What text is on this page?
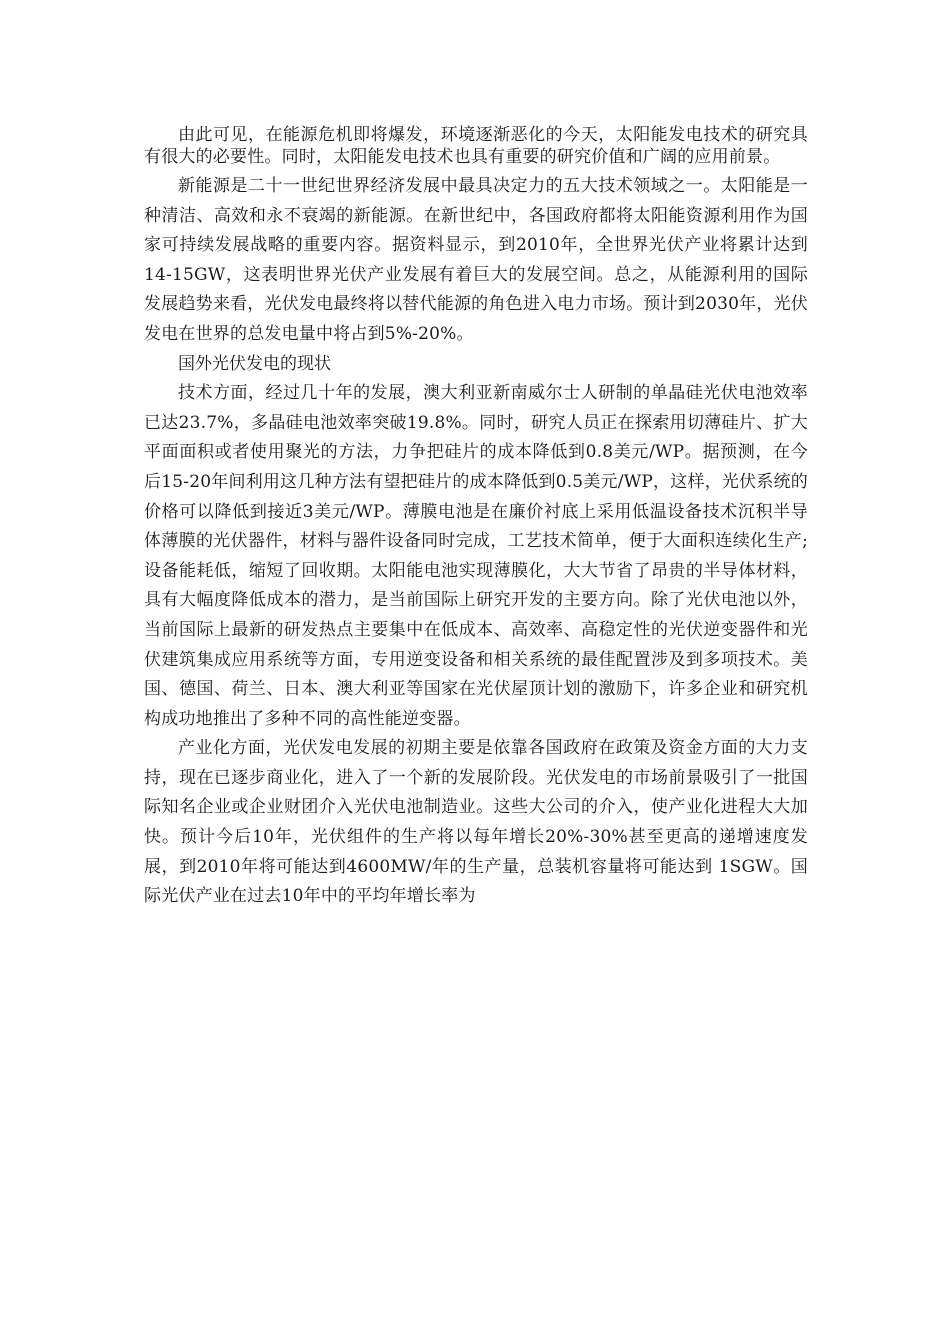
由此可见，在能源危机即将爆发，环境逐渐恶化的今天，太阳能发电技术的研究具有很大的必要性。同时，太阳能发电技术也具有重要的研究价值和广阔的应用前景。

新能源是二十一世纪世界经济发展中最具决定力的五大技术领域之一。太阳能是一种清洁、高效和永不衰竭的新能源。在新世纪中，各国政府都将太阳能资源利用作为国家可持续发展战略的重要内容。据资料显示，到2010年，全世界光伏产业将累计达到14-15GW，这表明世界光伏产业发展有着巨大的发展空间。总之，从能源利用的国际发展趋势来看，光伏发电最终将以替代能源的角色进入电力市场。预计到2030年，光伏发电在世界的总发电量中将占到5%-20%。

国外光伏发电的现状

技术方面，经过几十年的发展，澳大利亚新南威尔士人研制的单晶硅光伏电池效率已达23.7%，多晶硅电池效率突破19.8%。同时，研究人员正在探索用切薄硅片、扩大平面面积或者使用聚光的方法，力争把硅片的成本降低到0.8美元/WP。据预测，在今后15-20年间利用这几种方法有望把硅片的成本降低到0.5美元/WP，这样，光伏系统的价格可以降低到接近3美元/WP。薄膜电池是在廉价衬底上采用低温设备技术沉积半导体薄膜的光伏器件，材料与器件设备同时完成，工艺技术简单，便于大面积连续化生产;设备能耗低，缩短了回收期。太阳能电池实现薄膜化，大大节省了昂贵的半导体材料，具有大幅度降低成本的潜力，是当前国际上研究开发的主要方向。除了光伏电池以外，当前国际上最新的研发热点主要集中在低成本、高效率、高稳定性的光伏逆变器件和光伏建筑集成应用系统等方面，专用逆变设备和相关系统的最佳配置涉及到多项技术。美国、德国、荷兰、日本、澳大利亚等国家在光伏屋顶计划的激励下，许多企业和研究机构成功地推出了多种不同的高性能逆变器。

产业化方面，光伏发电发展的初期主要是依靠各国政府在政策及资金方面的大力支持，现在已逐步商业化，进入了一个新的发展阶段。光伏发电的市场前景吸引了一批国际知名企业或企业财团介入光伏电池制造业。这些大公司的介入，使产业化进程大大加快。预计今后10年，光伏组件的生产将以每年增长20%-30%甚至更高的递增速度发展，到2010年将可能达到4600MW/年的生产量，总装机容量将可能达到 1SGW。国际光伏产业在过去10年中的平均年增长率为
